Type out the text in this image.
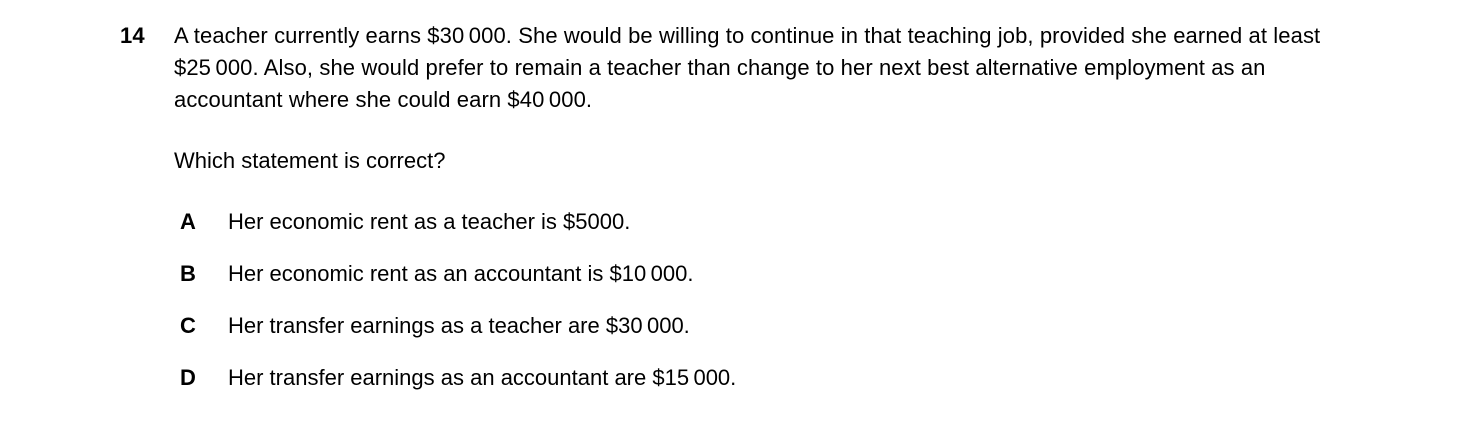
14	A teacher currently earns $30 000. She would be willing to continue in that teaching job, provided she earned at least $25 000. Also, she would prefer to remain a teacher than change to her next best alternative employment as an accountant where she could earn $40 000.
Which statement is correct?
A	Her economic rent as a teacher is $5000.
B	Her economic rent as an accountant is $10 000.
C	Her transfer earnings as a teacher are $30 000.
D	Her transfer earnings as an accountant are $15 000.
